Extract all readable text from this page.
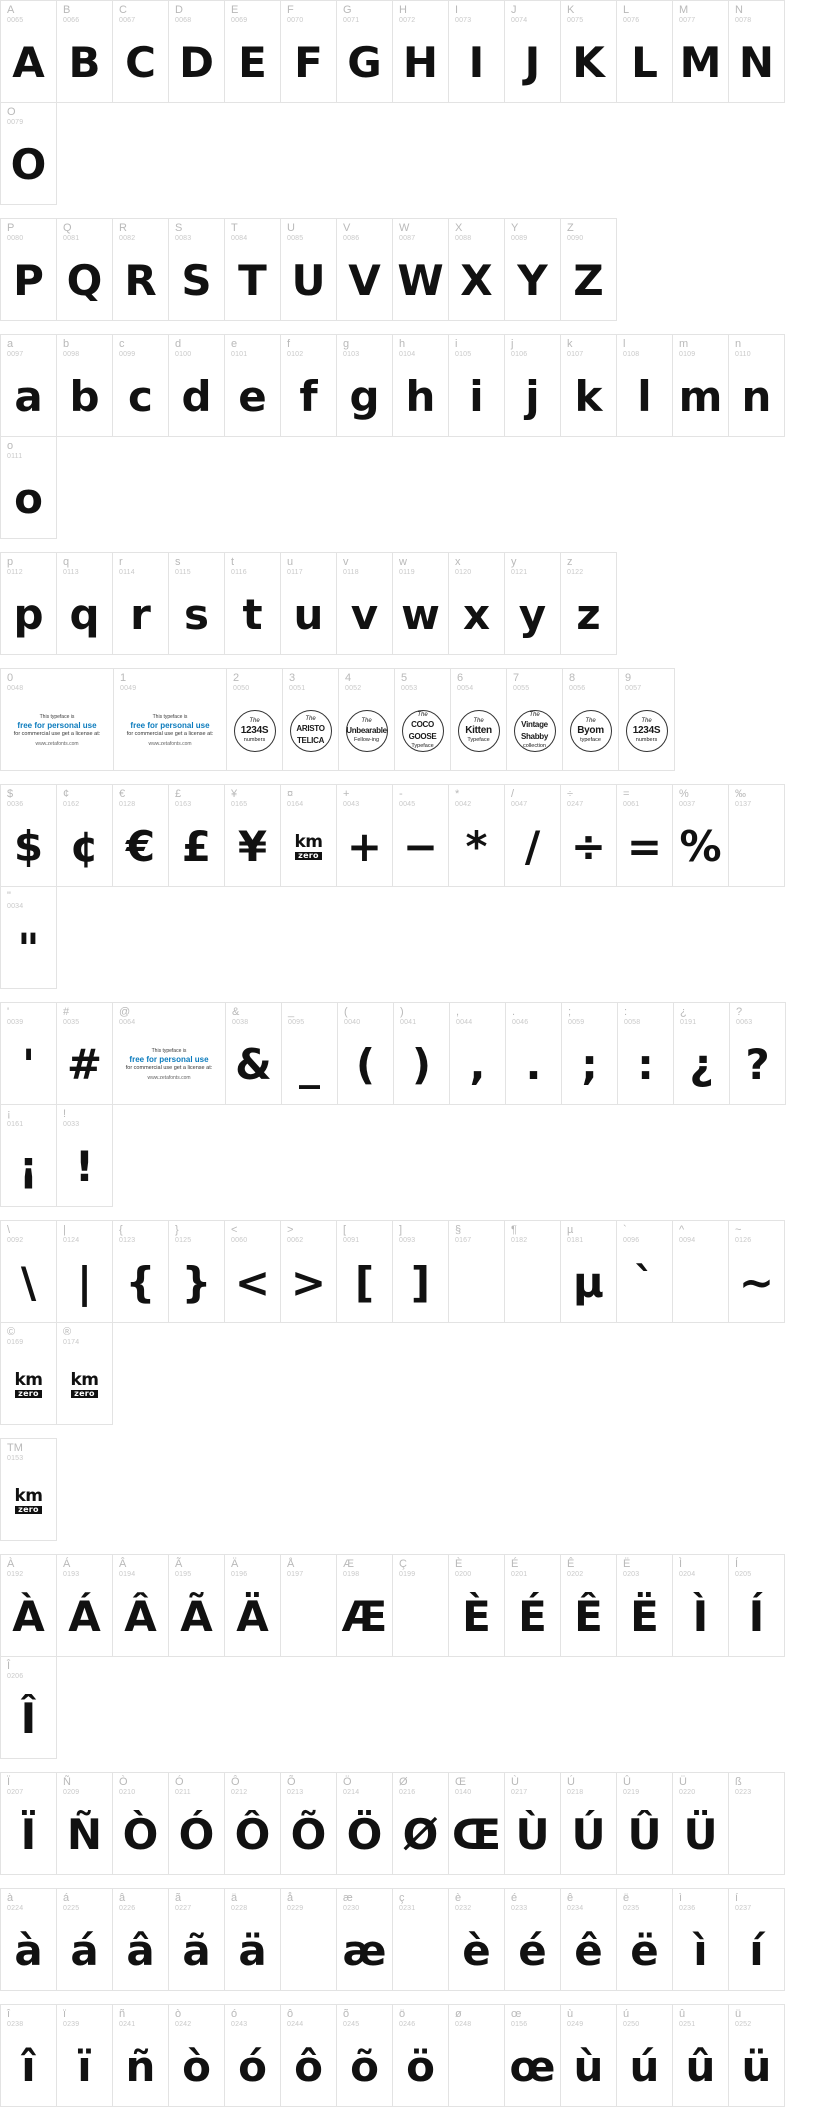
A
0065
A
B
0066
B
C
0067
C
D
0068
D
E
0069
E
F
0070
F
G
0071
G
H
0072
H
I
0073
I
J
0074
J
K
0075
K
L
0076
L
M
0077
M
N
0078
N
O
0079
O
P
0080
P
Q
0081
Q
R
0082
R
S
0083
S
T
0084
T
U
0085
U
V
0086
V
W
0087
W
X
0088
X
Y
0089
Y
Z
0090
Z
a
0097
a
b
0098
b
c
0099
c
d
0100
d
e
0101
e
f
0102
f
g
0103
g
h
0104
h
i
0105
i
j
0106
j
k
0107
k
l
0108
l
m
0109
m
n
0110
n
o
0111
o
p
0112
p
q
0113
q
r
0114
r
s
0115
s
t
0116
t
u
0117
u
v
0118
v
w
0119
w
x
0120
x
y
0121
y
z
0122
z
0
0048
This typeface is
free for personal use
for commercial use get a license at:
www.zetafonts.com
1
0049
This typeface is
free for personal use
for commercial use get a license at:
www.zetafonts.com
2
0050
The
1234S
numbers
3
0051
The
ARISTO TELICA
4
0052
The
Unbearable
Fellow-ing
5
0053
The
COCO GOOSE
Typeface
6
0054
The
Kitten
Typeface
7
0055
The
Vintage Shabby
collection
8
0056
The
Byom
typeface
9
0057
The
1234S
numbers
$
0036
$
¢
0162
¢
€
0128
€
£
0163
£
¥
0165
¥
¤
0164
km
zero
+
0043
+
-
0045
−
*
0042
*
/
0047
/
÷
0247
÷
=
0061
=
%
0037
%
‰
0137
"
0034
"
'
0039
'
#
0035
#
@
0064
This typeface is
free for personal use
for commercial use get a license at:
www.zetafonts.com
&
0038
&
_
0095
_
(
0040
(
)
0041
)
,
0044
,
.
0046
.
;
0059
;
:
0058
:
¿
0191
¿
?
0063
?
¡
0161
¡
!
0033
!
\
0092
\
|
0124
|
{
0123
{
}
0125
}
<
0060
<
>
0062
>
[
0091
[
]
0093
]
§
0167
¶
0182
µ
0181
µ
`
0096
`
^
0094
~
0126
~
©
0169
km
zero
®
0174
km
zero
TM
0153
km
zero
À
0192
À
Á
0193
Á
Â
0194
Â
Ã
0195
Ã
Ä
0196
Ä
Å
0197
Æ
0198
Æ
Ç
0199
È
0200
È
É
0201
É
Ê
0202
Ê
Ë
0203
Ë
Ì
0204
Ì
Í
0205
Í
Î
0206
Î
Ï
0207
Ï
Ñ
0209
Ñ
Ò
0210
Ò
Ó
0211
Ó
Ô
0212
Ô
Õ
0213
Õ
Ö
0214
Ö
Ø
0216
Ø
Œ
0140
Œ
Ù
0217
Ù
Ú
0218
Ú
Û
0219
Û
Ü
0220
Ü
ß
0223
à
0224
à
á
0225
á
â
0226
â
ã
0227
ã
ä
0228
ä
å
0229
æ
0230
æ
ç
0231
è
0232
è
é
0233
é
ê
0234
ê
ë
0235
ë
ì
0236
ì
í
0237
í
î
0238
î
ï
0239
ï
ñ
0241
ñ
ò
0242
ò
ó
0243
ó
ô
0244
ô
õ
0245
õ
ö
0246
ö
ø
0248
œ
0156
œ
ù
0249
ù
ú
0250
ú
û
0251
û
ü
0252
ü
